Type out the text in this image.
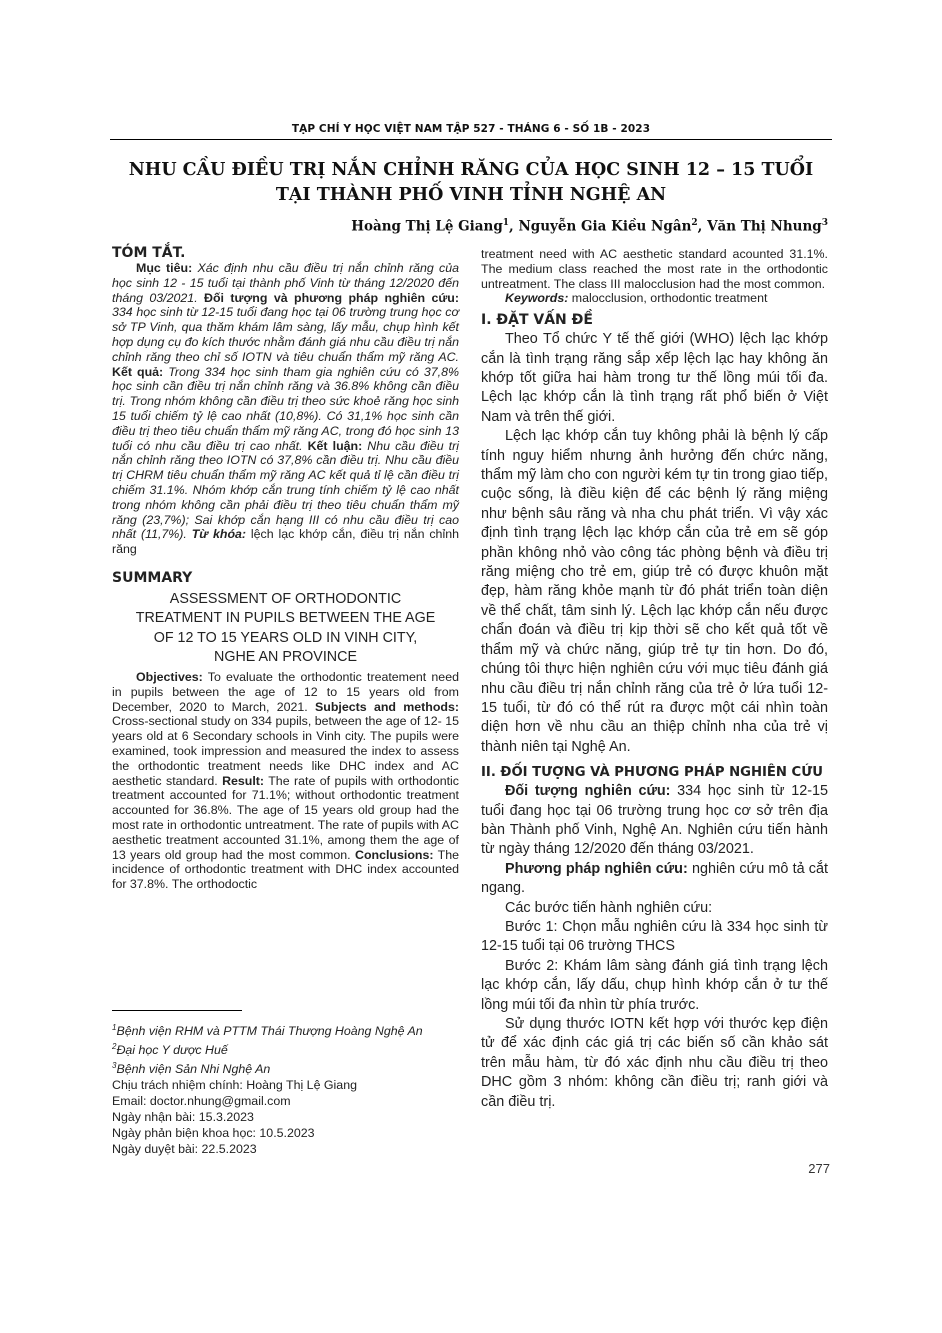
TẠP CHÍ Y HỌC VIỆT NAM TẬP 527 - THÁNG 6 - SỐ 1B - 2023
NHU CẦU ĐIỀU TRỊ NẮN CHỈNH RĂNG CỦA HỌC SINH 12 – 15 TUỔI
TẠI THÀNH PHỐ VINH TỈNH NGHỆ AN
Hoàng Thị Lệ Giang$^1$, Nguyễn Gia Kiều Ngân$^2$, Văn Thị Nhung$^3$
TÓM TẮT.

Mục tiêu: Xác định nhu cầu điều trị nắn chỉnh răng của học sinh 12 - 15 tuổi tại thành phố Vinh từ tháng 12/2020 đến tháng 03/2021. Đối tượng và phương pháp nghiên cứu: 334 học sinh từ 12-15 tuổi đang học tại 06 trường trung học cơ sở TP Vinh, qua thăm khám lâm sàng, lấy mẫu, chụp hình kết hợp dụng cụ đo kích thước nhằm đánh giá nhu cầu điều trị nắn chỉnh răng theo chỉ số IOTN và tiêu chuẩn thẩm mỹ răng AC. Kết quả: Trong 334 học sinh tham gia nghiên cứu có 37,8% học sinh cần điều trị nắn chỉnh răng và 36.8% không cần điều trị. Trong nhóm không cần điều trị theo sức khoẻ răng học sinh 15 tuổi chiếm tỷ lệ cao nhất (10,8%). Có 31,1% học sinh cần điều trị theo tiêu chuẩn thẩm mỹ răng AC, trong đó học sinh 13 tuổi có nhu cầu điều trị cao nhất. Kết luận: Nhu cầu điều trị nắn chỉnh răng theo IOTN có 37,8% cần điều trị. Nhu cầu điều trị CHRM tiêu chuẩn thẩm mỹ răng AC kết quả tỉ lệ cần điều trị chiếm 31.1%. Nhóm khớp cắn trung tính chiếm tỷ lệ cao nhất trong nhóm không cần phải điều trị theo tiêu chuẩn thẩm mỹ răng (23,7%); Sai khớp cắn hạng III có nhu cầu điều trị cao nhất (11,7%). Từ khóa: lệch lạc khớp cắn, điều trị nắn chỉnh răng

SUMMARY
ASSESSMENT OF ORTHODONTIC
TREATMENT IN PUPILS BETWEEN THE AGE
OF 12 TO 15 YEARS OLD IN VINH CITY,
NGHE AN PROVINCE

Objectives: To evaluate the orthodontic treatement need in pupils between the age of 12 to 15 years old from December, 2020 to March, 2021. Subjects and methods: Cross-sectional study on 334 pupils, between the age of 12- 15 years old at 6 Secondary schools in Vinh city. The pupils were examined, took impression and measured the index to assess the orthodontic treatment needs like DHC index and AC aesthetic standard. Result: The rate of pupils with orthodontic treatment accounted for 71.1%; without orthodontic treatment accounted for 36.8%. The age of 15 years old group had the most rate in orthodontic untreatment. The rate of pupils with AC aesthetic treatment accounted 31.1%, among them the age of 13 years old group had the most common. Conclusions: The incidence of orthodontic treatment with DHC index accounted for 37.8%. The orthodoctic

$^1$Bệnh viện RHM và PTTM Thái Thượng Hoàng Nghệ An
$^2$Đại học Y dược Huế
$^3$Bệnh viện Sản Nhi Nghệ An
Chịu trách nhiệm chính: Hoàng Thị Lệ Giang
Email: doctor.nhung@gmail.com
Ngày nhận bài: 15.3.2023
Ngày phản biện khoa học: 10.5.2023
Ngày duyệt bài: 22.5.2023

treatment need with AC aesthetic standard acounted 31.1%. The medium class reached the most rate in the orthodontic untreatment. The class III malocclusion had the most common.

Keywords: malocclusion, orthodontic treatment

I. ĐẶT VẤN ĐỀ

Theo Tổ chức Y tế thế giới (WHO) lệch lạc khớp cắn là tình trạng răng sắp xếp lệch lạc hay không ăn khớp tốt giữa hai hàm trong tư thế lồng múi tối đa. Lệch lạc khớp cắn là tình trạng rất phổ biến ở Việt Nam và trên thế giới.

Lệch lạc khớp cắn tuy không phải là bệnh lý cấp tính nguy hiểm nhưng ảnh hưởng đến chức năng, thẩm mỹ làm cho con người kém tự tin trong giao tiếp, cuộc sống, là điều kiện để các bệnh lý răng miệng như bệnh sâu răng và nha chu phát triển. Vì vậy xác định tình trạng lệch lạc khớp cắn của trẻ em sẽ góp phần không nhỏ vào công tác phòng bệnh và điều trị răng miệng cho trẻ em, giúp trẻ có được khuôn mặt đẹp, hàm răng khỏe mạnh từ đó phát triển toàn diện về thể chất, tâm sinh lý. Lệch lạc khớp cắn nếu được chẩn đoán và điều trị kịp thời sẽ cho kết quả tốt về thẩm mỹ và chức năng, giúp trẻ tự tin hơn. Do đó, chúng tôi thực hiện nghiên cứu với mục tiêu đánh giá nhu cầu điều trị nắn chỉnh răng của trẻ ở lứa tuổi 12-15 tuổi, từ đó có thể rút ra được một cái nhìn toàn diện hơn về nhu cầu an thiệp chỉnh nha của trẻ vị thành niên tại Nghệ An.

II. ĐỐI TƯỢNG VÀ PHƯƠNG PHÁP NGHIÊN CỨU

Đối tượng nghiên cứu: 334 học sinh từ 12-15 tuổi đang học tại 06 trường trung học cơ sở trên địa bàn Thành phố Vinh, Nghệ An. Nghiên cứu tiến hành từ ngày tháng 12/2020 đến tháng 03/2021.

Phương pháp nghiên cứu: nghiên cứu mô tả cắt ngang.

Các bước tiến hành nghiên cứu:

Bước 1: Chọn mẫu nghiên cứu là 334 học sinh từ 12-15 tuổi tại 06 trường THCS

Bước 2: Khám lâm sàng đánh giá tình trạng lệch lạc khớp cắn, lấy dấu, chụp hình khớp cắn ở tư thế lồng múi tối đa nhìn từ phía trước.

Sử dụng thước IOTN kết hợp với thước kẹp điện tử để xác định các giá trị các biến số cần khảo sát trên mẫu hàm, từ đó xác định nhu cầu điều trị theo DHC gồm 3 nhóm: không cần điều trị; ranh giới và cần điều trị.

277
